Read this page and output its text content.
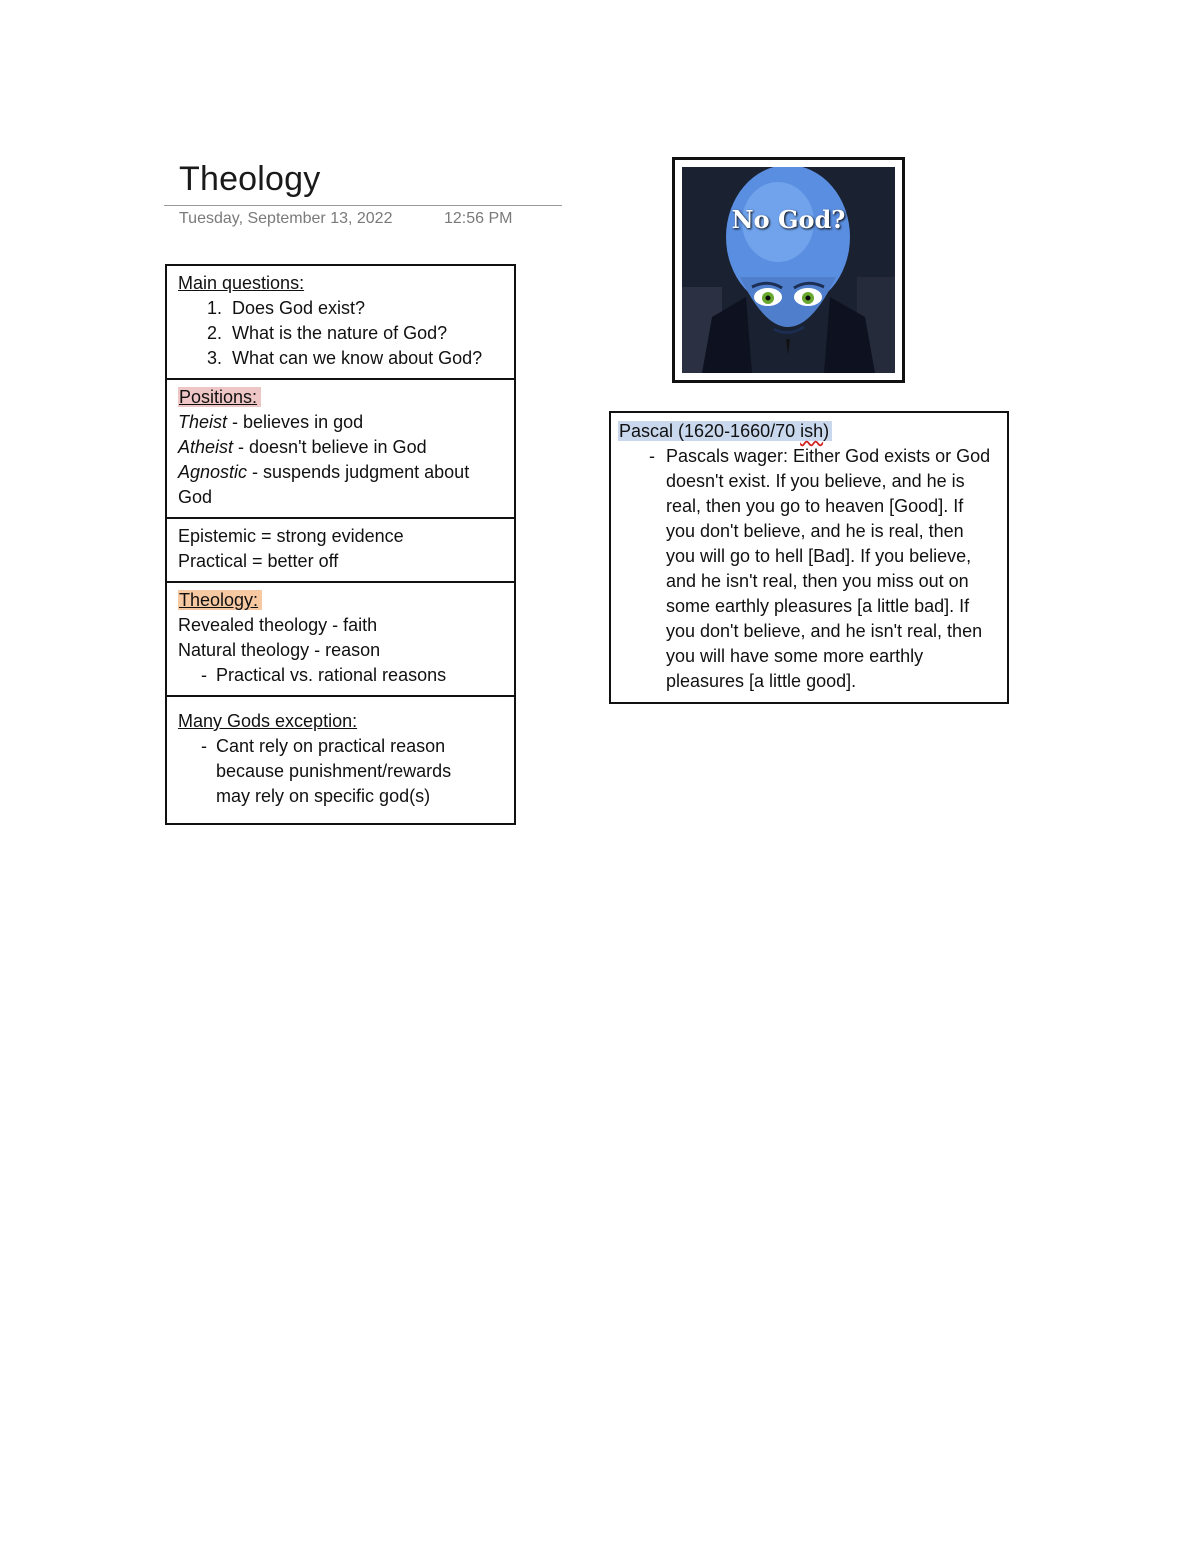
Theology
Tuesday, September 13, 2022	12:56 PM
Main questions:
1. Does God exist?
2. What is the nature of God?
3. What can we know about God?
Positions:
Theist - believes in god
Atheist - doesn't believe in God
Agnostic - suspends judgment about God
Epistemic = strong evidence
Practical = better off
Theology:
Revealed theology - faith
Natural theology - reason
- Practical vs. rational reasons
Many Gods exception:
- Cant rely on practical reason because punishment/rewards may rely on specific god(s)
No God?
Pascal (1620-1660/70 ish)
- Pascals wager: Either God exists or God doesn't exist. If you believe, and he is real, then you go to heaven [Good]. If you don't believe, and he is real, then you will go to hell [Bad]. If you believe, and he isn't real, then you miss out on some earthly pleasures [a little bad]. If you don't believe, and he isn't real, then you will have some more earthly pleasures [a little good].
